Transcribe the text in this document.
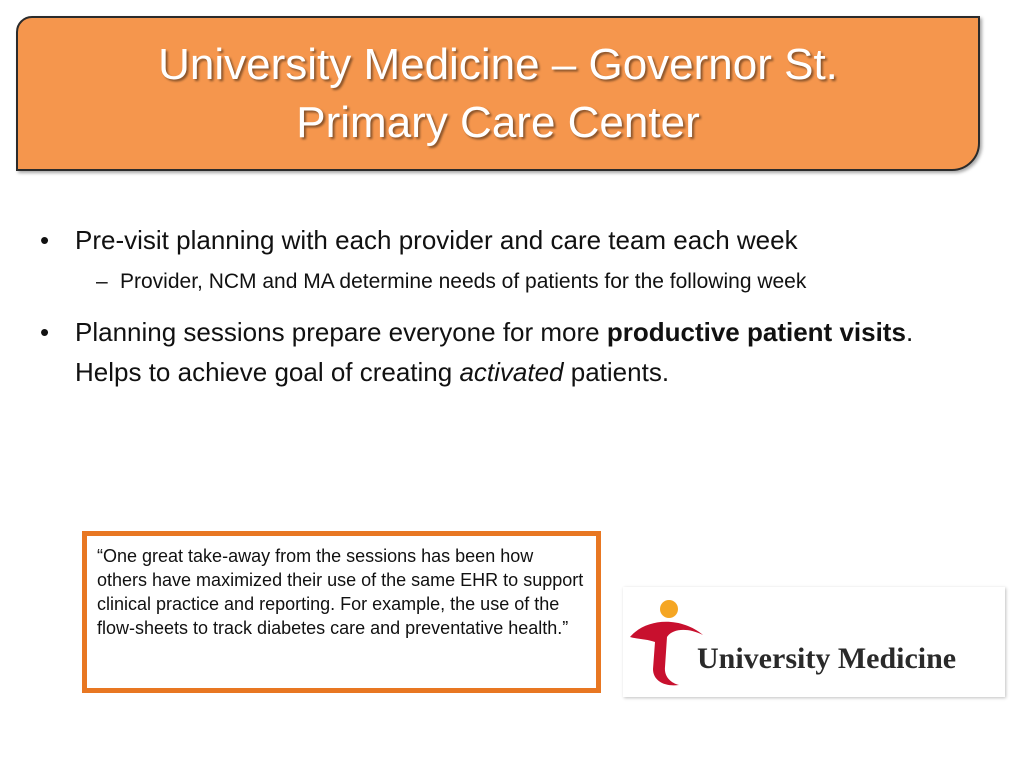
University Medicine – Governor St.
Primary Care Center
• Pre-visit planning with each provider and care team each week
– Provider, NCM and MA determine needs of patients for the following week
• Planning sessions prepare everyone for more productive patient visits. Helps to achieve goal of creating activated patients.
“One great take-away from the sessions has been how others have maximized their use of the same EHR to support clinical practice and reporting. For example, the use of the flow-sheets to track diabetes care and preventative health.”
University Medicine
